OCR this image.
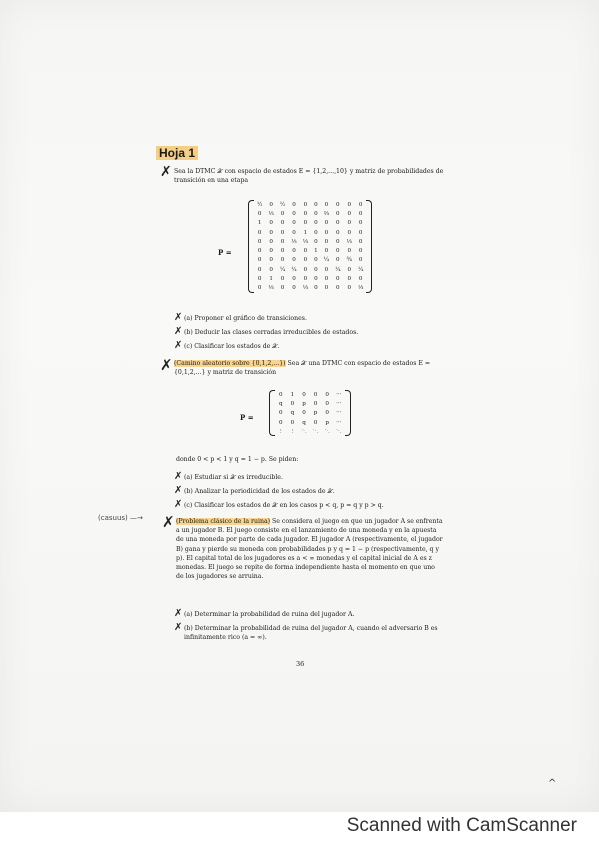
Hoja 1
✗ Sea la DTMC 𝒳 con espacio de estados E = {1,2,...,10} y matriz de probabilidades de transición en una etapa
P =
½	0	½	0	0	0	0	0	0	0
0	⅓	0	0	0	0	⅔	0	0	0
1	0	0	0	0	0	0	0	0	0
0	0	0	0	1	0	0	0	0	0
0	0	0	⅓	⅓	0	0	0	⅓	0
0	0	0	0	0	1	0	0	0	0
0	0	0	0	0	0	¼	0	¾	0
0	0	¼	¼	0	0	0	¼	0	¼
0	1	0	0	0	0	0	0	0	0
0	⅓	0	0	⅓	0	0	0	0	⅓
✗ (a) Proponer el gráfico de transiciones.
✗ (b) Deducir las clases cerradas irreducibles de estados.
✗ (c) Clasificar los estados de 𝒳.
✗ (Camino aleatorio sobre {0,1,2,...}) Sea 𝒳 una DTMC con espacio de estados E = {0,1,2,...} y matriz de transición
P =
0	1	0	0	0	···
q	0	p	0	0	···
0	q	0	p	0	···
0	0	q	0	p	···
⋮	⋮	⋱	⋱	⋱	⋱
donde 0 < p < 1 y q = 1 − p. Se piden:
✗ (a) Estudiar si 𝒳 es irreducible.
✗ (b) Analizar la periodicidad de los estados de 𝒳.
✗ (c) Clasificar los estados de 𝒳 en los casos p < q, p = q y p > q.
(casuus) —→ ✗ (Problema clásico de la ruina) Se considera el juego en que un jugador A se enfrenta a un jugador B. El juego consiste en el lanzamiento de una moneda y en la apuesta de una moneda por parte de cada jugador. El jugador A (respectivamente, el jugador B) gana y pierde su moneda con probabilidades p y q = 1 − p (respectivamente, q y p). El capital total de los jugadores es a < ∞ monedas y el capital inicial de A es z monedas. El juego se repite de forma independiente hasta el momento en que uno de los jugadores se arruina.
✗ (a) Determinar la probabilidad de ruina del jugador A.
✗ (b) Determinar la probabilidad de ruina del jugador A, cuando el adversario B es infinitamente rico (a = ∞).
36
^
Scanned with CamScanner
